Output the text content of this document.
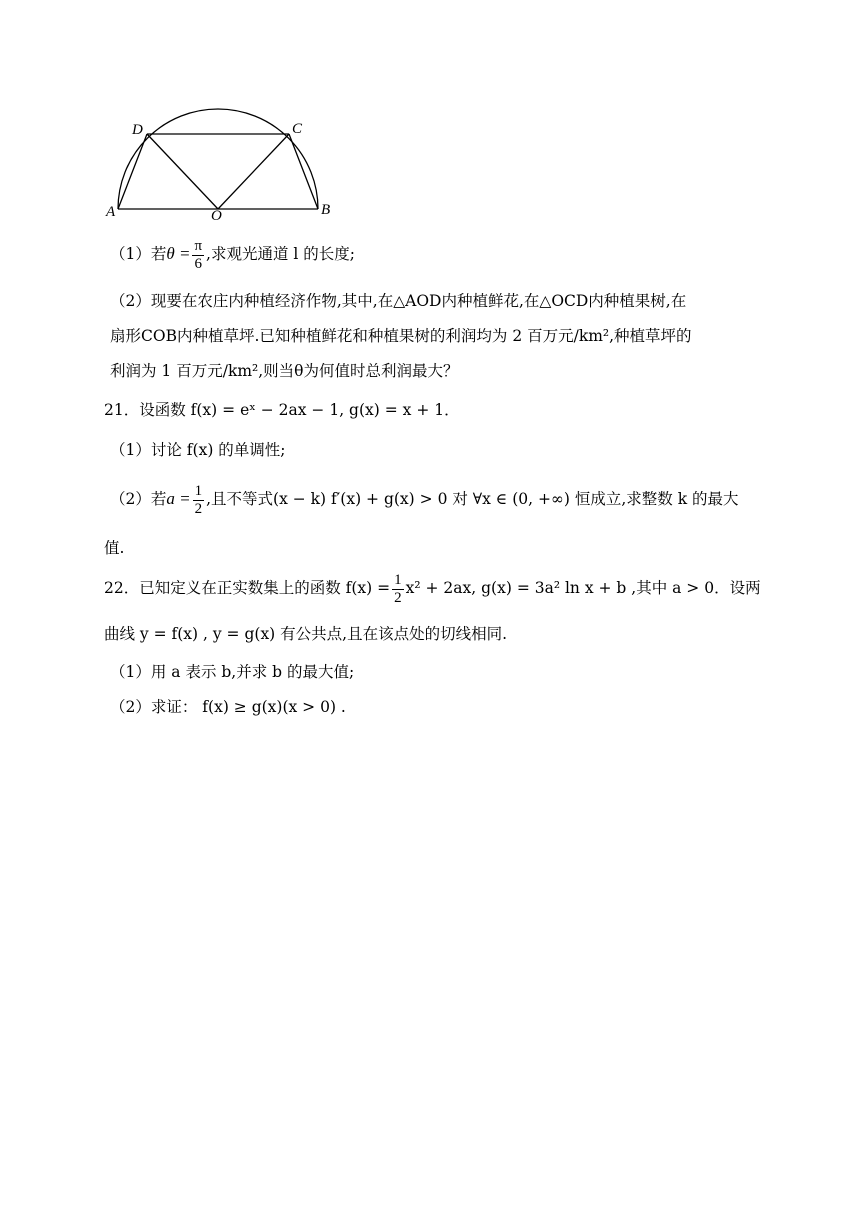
D	C
A	O	B
（1）若$\theta = \frac{\pi}{6}$ ,求观光通道 l 的长度;
（2）现要在农庄内种植经济作物,其中,在△AOD内种植鲜花,在△OCD内种植果树,在
扇形COB内种植草坪.已知种植鲜花和种植果树的利润均为 2 百万元/km²,种植草坪的
利润为 1 百万元/km²,则当θ为何值时总利润最大？
21．设函数 f(x) = eˣ − 2ax − 1, g(x) = x + 1．
（1）讨论 f(x) 的单调性;
（2）若$a = \frac{1}{2}$ ,且不等式(x − k) f′(x) + g(x) > 0 对 ∀x ∈ (0, +∞) 恒成立,求整数 k 的最大
值.
22．已知定义在正实数集上的函数 $f(x) = \frac{1}{2} x^2 + 2ax$, g(x) = 3a² ln x + b ,其中 a > 0．设两
曲线 y = f(x) , y = g(x) 有公共点,且在该点处的切线相同.
（1）用 a 表示 b,并求 b 的最大值;
（2）求证： f(x) ≥ g(x)(x > 0) .
